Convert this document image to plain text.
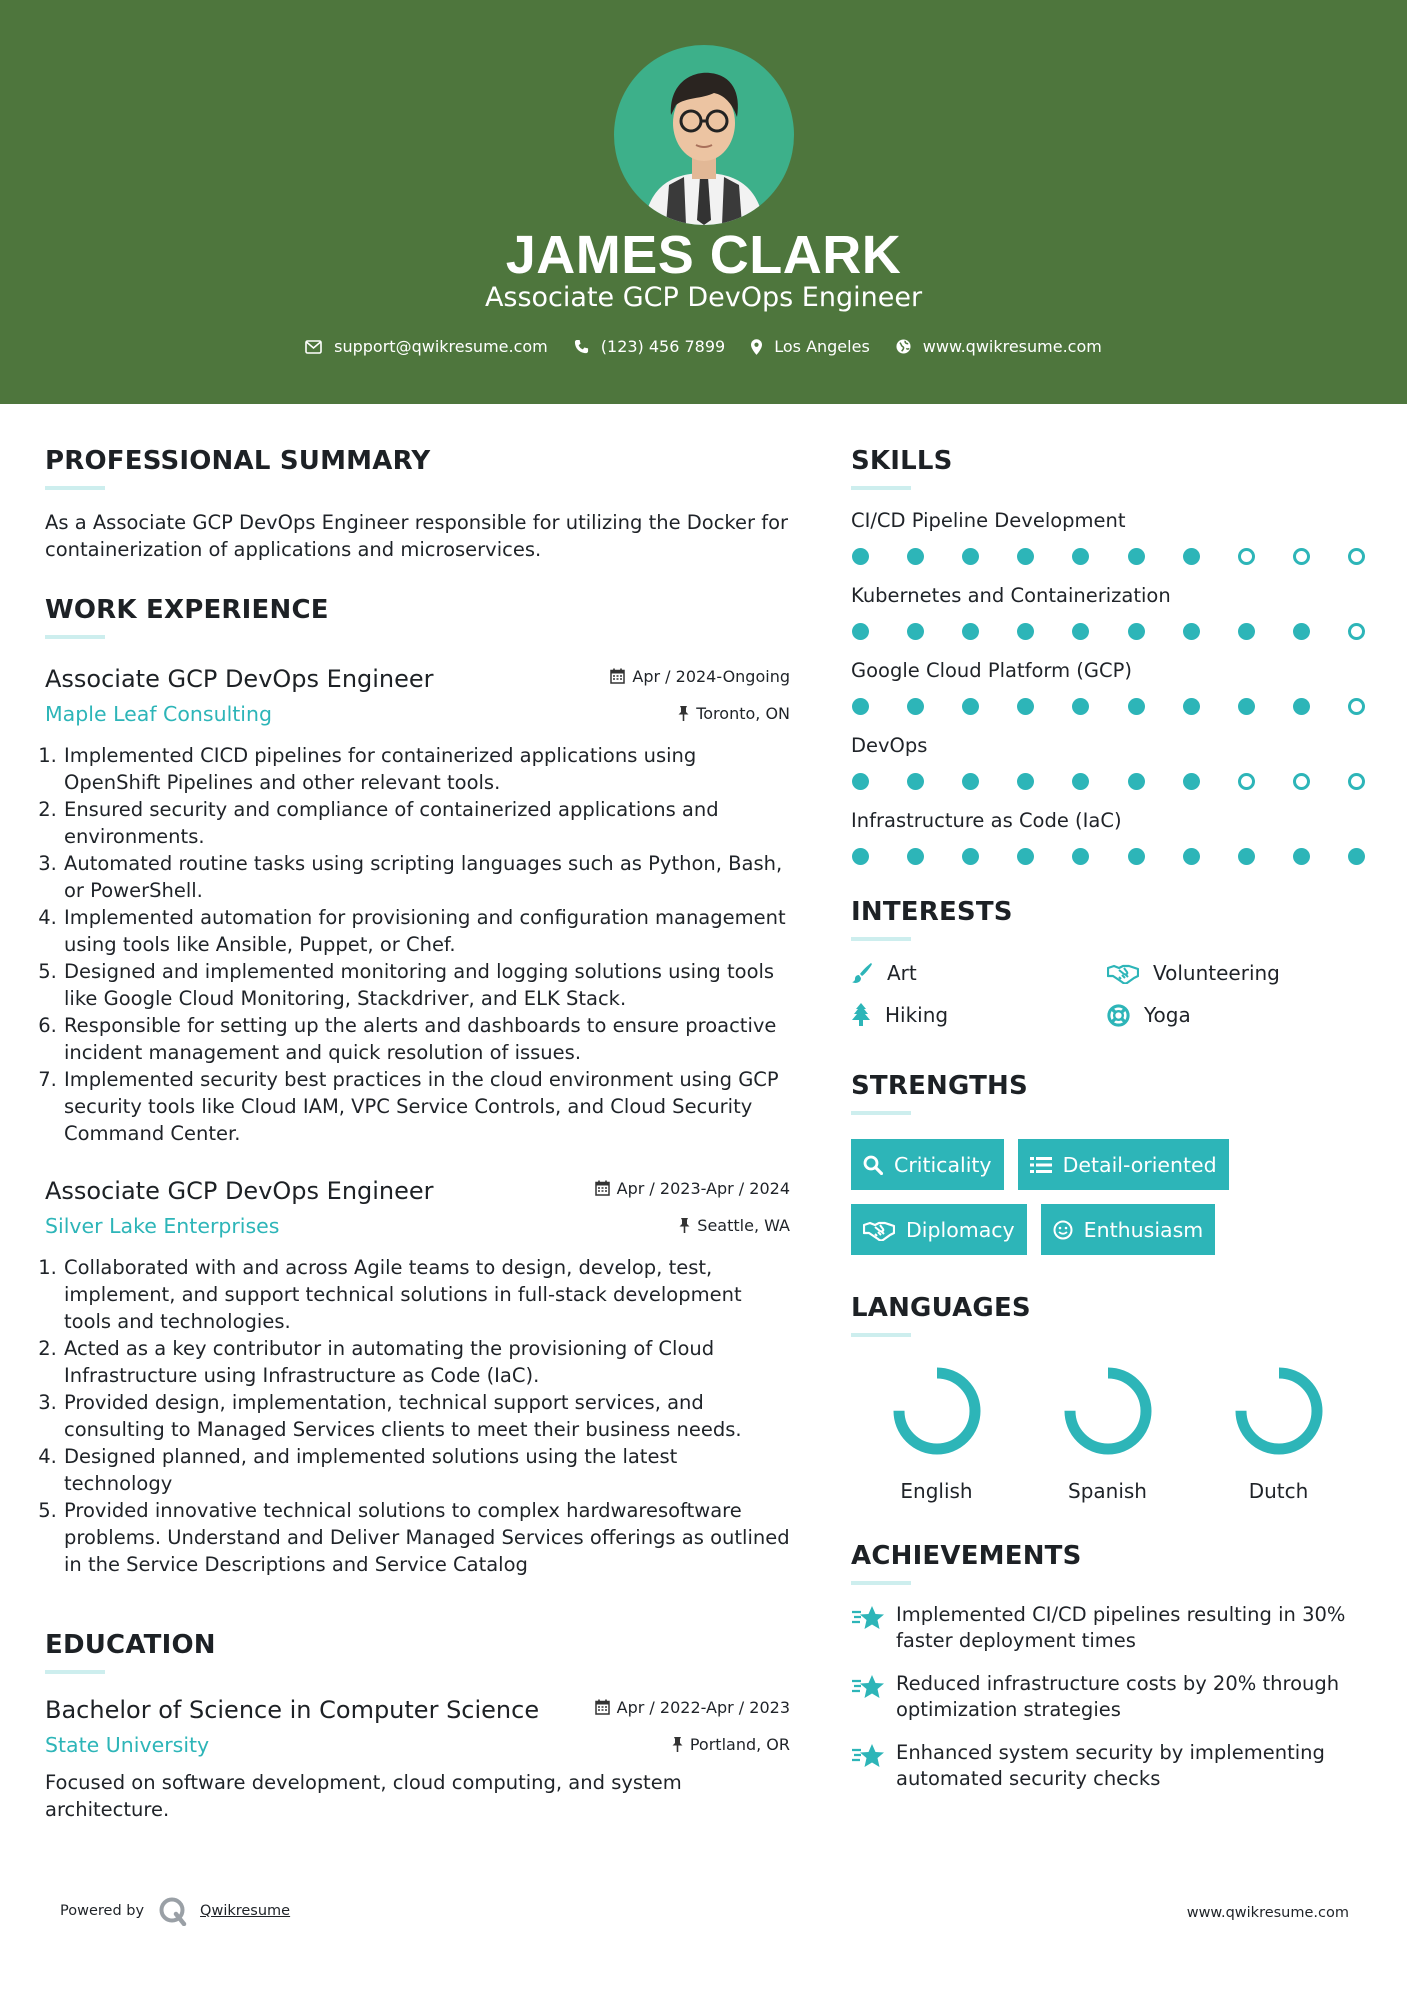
JAMES CLARK
Associate GCP DevOps Engineer
support@qwikresume.com	(123) 456 7899	Los Angeles	www.qwikresume.com
PROFESSIONAL SUMMARY
As a Associate GCP DevOps Engineer responsible for utilizing the Docker for containerization of applications and microservices.
WORK EXPERIENCE
Associate GCP DevOps Engineer
Maple Leaf Consulting
Apr / 2024-Ongoing
Toronto, ON
1. Implemented CICD pipelines for containerized applications using OpenShift Pipelines and other relevant tools.
2. Ensured security and compliance of containerized applications and environments.
3. Automated routine tasks using scripting languages such as Python, Bash, or PowerShell.
4. Implemented automation for provisioning and configuration management using tools like Ansible, Puppet, or Chef.
5. Designed and implemented monitoring and logging solutions using tools like Google Cloud Monitoring, Stackdriver, and ELK Stack.
6. Responsible for setting up the alerts and dashboards to ensure proactive incident management and quick resolution of issues.
7. Implemented security best practices in the cloud environment using GCP security tools like Cloud IAM, VPC Service Controls, and Cloud Security Command Center.
Associate GCP DevOps Engineer
Silver Lake Enterprises
Apr / 2023-Apr / 2024
Seattle, WA
1. Collaborated with and across Agile teams to design, develop, test, implement, and support technical solutions in full-stack development tools and technologies.
2. Acted as a key contributor in automating the provisioning of Cloud Infrastructure using Infrastructure as Code (IaC).
3. Provided design, implementation, technical support services, and consulting to Managed Services clients to meet their business needs.
4. Designed planned, and implemented solutions using the latest technology
5. Provided innovative technical solutions to complex hardwaresoftware problems. Understand and Deliver Managed Services offerings as outlined in the Service Descriptions and Service Catalog
EDUCATION
Bachelor of Science in Computer Science
State University
Apr / 2022-Apr / 2023
Portland, OR
Focused on software development, cloud computing, and system architecture.
SKILLS
CI/CD Pipeline Development
Kubernetes and Containerization
Google Cloud Platform (GCP)
DevOps
Infrastructure as Code (IaC)
INTERESTS
Art	Volunteering
Hiking	Yoga
STRENGTHS
Criticality	Detail-oriented
Diplomacy	Enthusiasm
LANGUAGES
English	Spanish	Dutch
ACHIEVEMENTS
Implemented CI/CD pipelines resulting in 30% faster deployment times
Reduced infrastructure costs by 20% through optimization strategies
Enhanced system security by implementing automated security checks
Powered by	Qwikresume	www.qwikresume.com
